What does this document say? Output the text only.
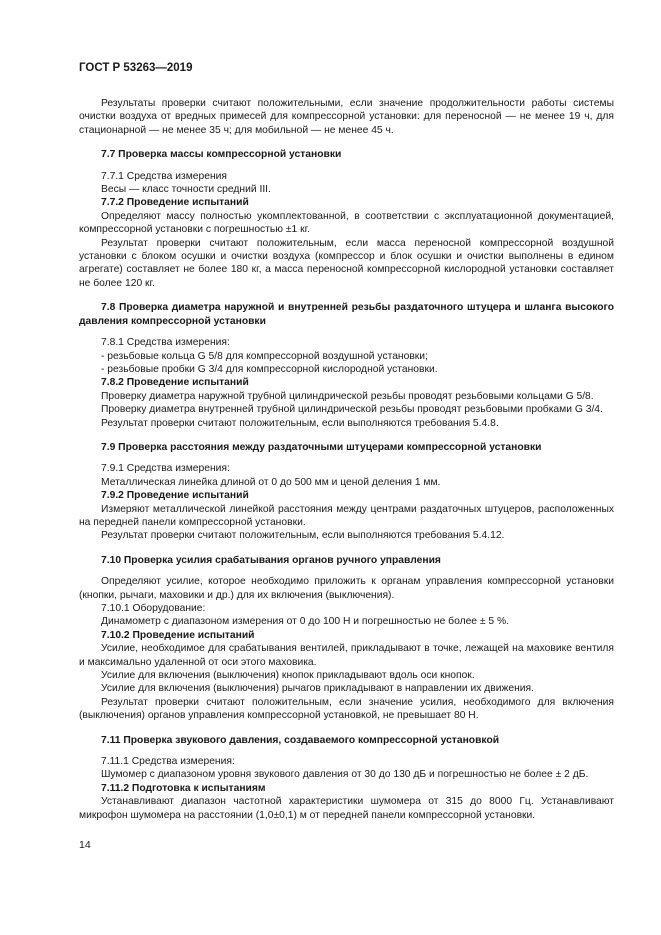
ГОСТ Р 53263—2019

Результаты проверки считают положительными, если значение продолжительности работы системы очистки воздуха от вредных примесей для компрессорной установки: для переносной — не менее 19 ч, для стационарной — не менее 35 ч; для мобильной — не менее 45 ч.

7.7 Проверка массы компрессорной установки

7.7.1 Средства измерения

Весы — класс точности средний III.

7.7.2 Проведение испытаний

Определяют массу полностью укомплектованной, в соответствии с эксплуатационной документацией, компрессорной установки с погрешностью ±1 кг.

Результат проверки считают положительным, если масса переносной компрессорной воздушной установки с блоком осушки и очистки воздуха (компрессор и блок осушки и очистки выполнены в едином агрегате) составляет не более 180 кг, а масса переносной компрессорной кислородной установки составляет не более 120 кг.

7.8 Проверка диаметра наружной и внутренней резьбы раздаточного штуцера и шланга высокого давления компрессорной установки

7.8.1 Средства измерения:

- резьбовые кольца G 5/8 для компрессорной воздушной установки;

- резьбовые пробки G 3/4 для компрессорной кислородной установки.

7.8.2 Проведение испытаний

Проверку диаметра наружной трубной цилиндрической резьбы проводят резьбовыми кольцами G 5/8.

Проверку диаметра внутренней трубной цилиндрической резьбы проводят резьбовыми пробками G 3/4.

Результат проверки считают положительным, если выполняются требования 5.4.8.

7.9 Проверка расстояния между раздаточными штуцерами компрессорной установки

7.9.1 Средства измерения:

Металлическая линейка длиной от 0 до 500 мм и ценой деления 1 мм.

7.9.2 Проведение испытаний

Измеряют металлической линейкой расстояния между центрами раздаточных штуцеров, расположенных на передней панели компрессорной установки.

Результат проверки считают положительным, если выполняются требования 5.4.12.

7.10 Проверка усилия срабатывания органов ручного управления

Определяют усилие, которое необходимо приложить к органам управления компрессорной установки (кнопки, рычаги, маховики и др.) для их включения (выключения).

7.10.1 Оборудование:

Динамометр с диапазоном измерения от 0 до 100 Н и погрешностью не более ± 5 %.

7.10.2 Проведение испытаний

Усилие, необходимое для срабатывания вентилей, прикладывают в точке, лежащей на маховике вентиля и максимально удаленной от оси этого маховика.

Усилие для включения (выключения) кнопок прикладывают вдоль оси кнопок.

Усилие для включения (выключения) рычагов прикладывают в направлении их движения.

Результат проверки считают положительным, если значение усилия, необходимого для включения (выключения) органов управления компрессорной установкой, не превышает 80 Н.

7.11 Проверка звукового давления, создаваемого компрессорной установкой

7.11.1 Средства измерения:

Шумомер с диапазоном уровня звукового давления от 30 до 130 дБ и погрешностью не более ± 2 дБ.

7.11.2 Подготовка к испытаниям

Устанавливают диапазон частотной характеристики шумомера от 315 до 8000 Гц. Устанавливают микрофон шумомера на расстоянии (1,0±0,1) м от передней панели компрессорной установки.

14
